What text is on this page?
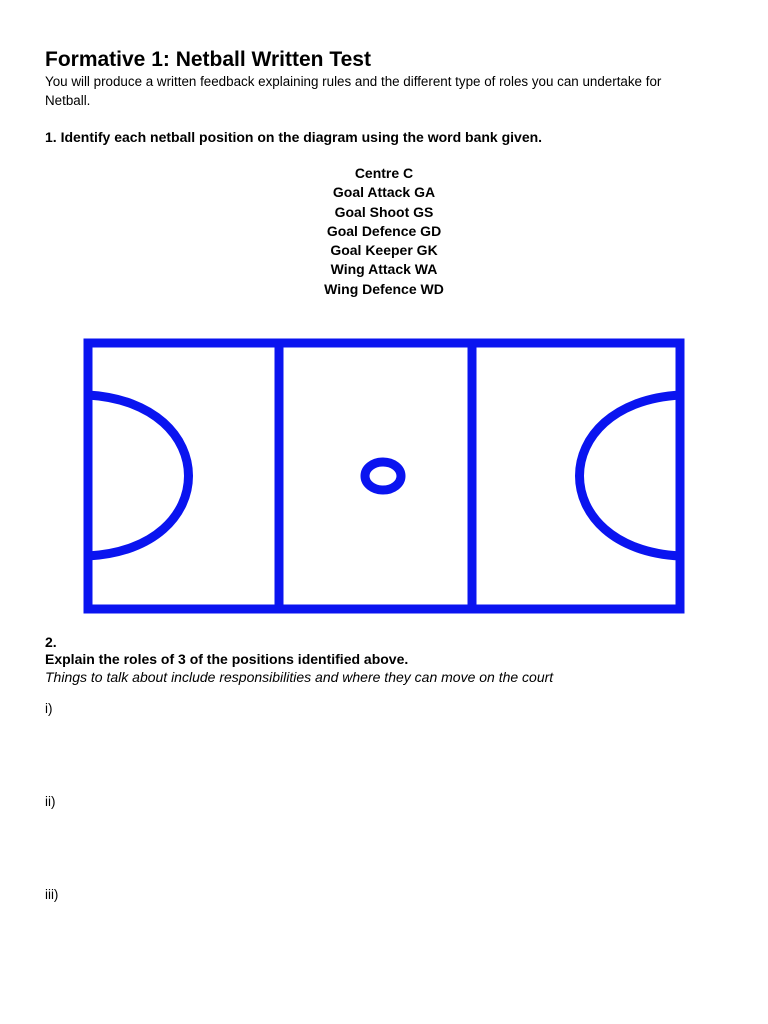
Formative 1: Netball Written Test

You will produce a written feedback explaining rules and the different type of roles you can undertake for Netball.

1. Identify each netball position on the diagram using the word bank given.

Centre C
Goal Attack GA
Goal Shoot GS
Goal Defence GD
Goal Keeper GK
Wing Attack WA
Wing Defence WD
2.
Explain the roles of 3 of the positions identified above.
Things to talk about include responsibilities and where they can move on the court

i)

ii)

iii)
